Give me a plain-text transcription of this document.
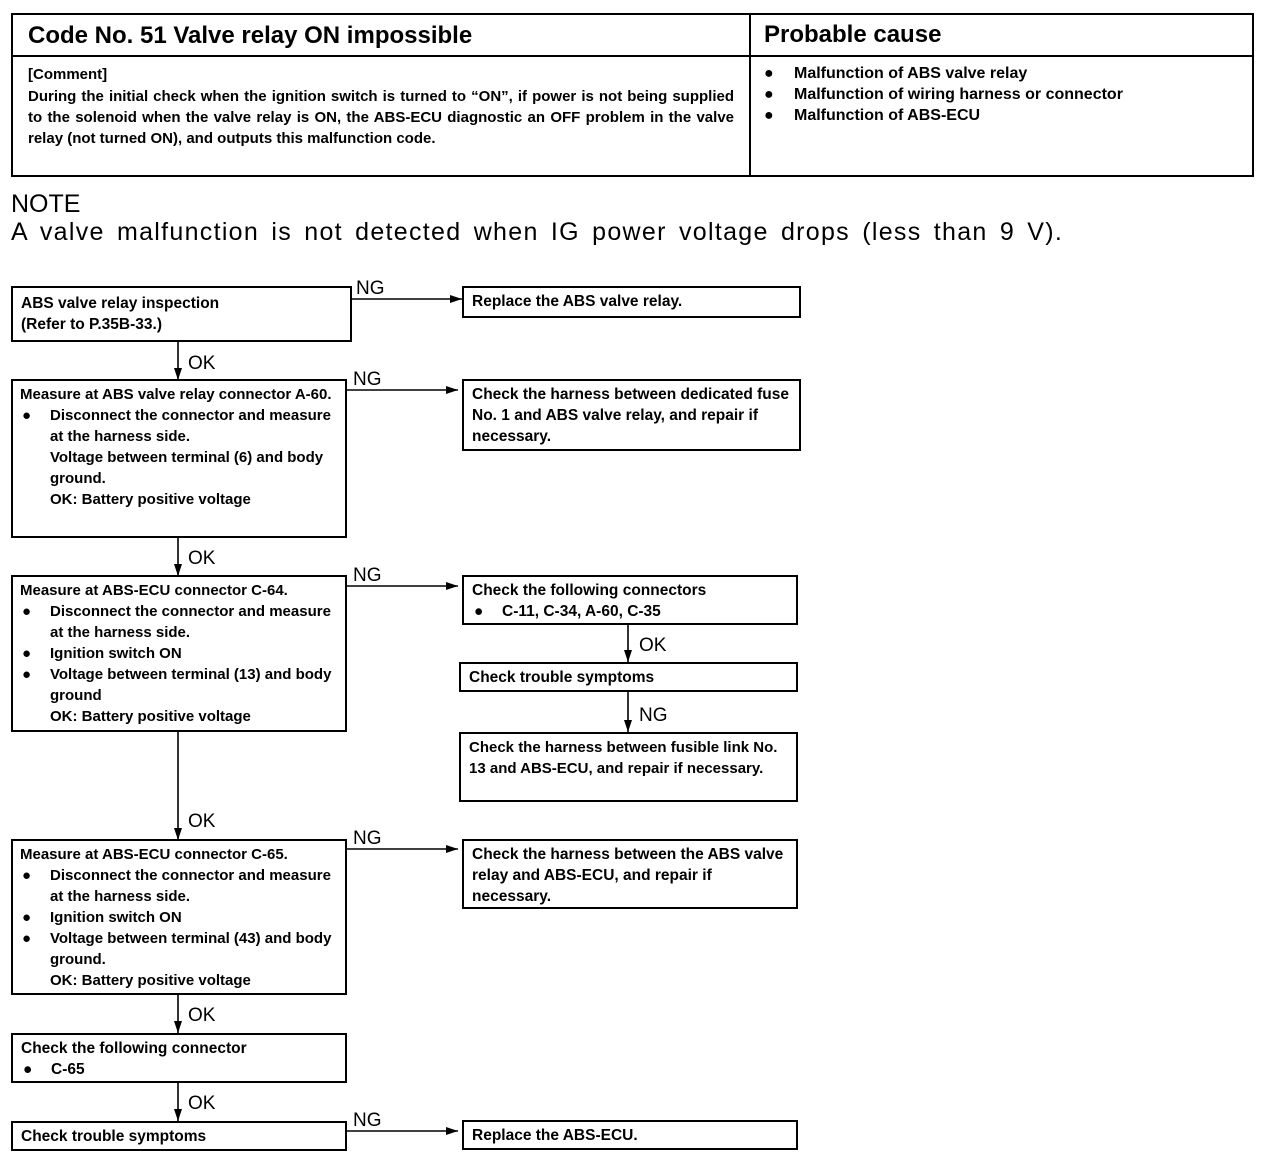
Code No. 51 Valve relay ON impossible	Probable cause
[Comment]
During the initial check when the ignition switch is turned to “ON”, if power is not being supplied to the solenoid when the valve relay is ON, the ABS-ECU diagnostic an OFF problem in the valve relay (not turned ON), and outputs this malfunction code.
● Malfunction of ABS valve relay
● Malfunction of wiring harness or connector
● Malfunction of ABS-ECU
NOTE
A valve malfunction is not detected when IG power voltage drops (less than 9 V).
NG
NG
NG
NG
NG
NG
OK
OK
OK
OK
OK
OK
ABS valve relay inspection
(Refer to P.35B-33.)
Replace the ABS valve relay.
Measure at ABS valve relay connector A-60.
● Disconnect the connector and measure at the harness side.
Voltage between terminal (6) and body ground.
OK: Battery positive voltage
Check the harness between dedicated fuse No. 1 and ABS valve relay, and repair if necessary.
Measure at ABS-ECU connector C-64.
● Disconnect the connector and measure at the harness side.
● Ignition switch ON
● Voltage between terminal (13) and body ground
OK: Battery positive voltage
Check the following connectors
● C-11, C-34, A-60, C-35
Check trouble symptoms
Check the harness between fusible link No. 13 and ABS-ECU, and repair if necessary.
Measure at ABS-ECU connector C-65.
● Disconnect the connector and measure at the harness side.
● Ignition switch ON
● Voltage between terminal (43) and body ground.
OK: Battery positive voltage
Check the harness between the ABS valve relay and ABS-ECU, and repair if necessary.
Check the following connector
● C-65
Check trouble symptoms	Replace the ABS-ECU.
